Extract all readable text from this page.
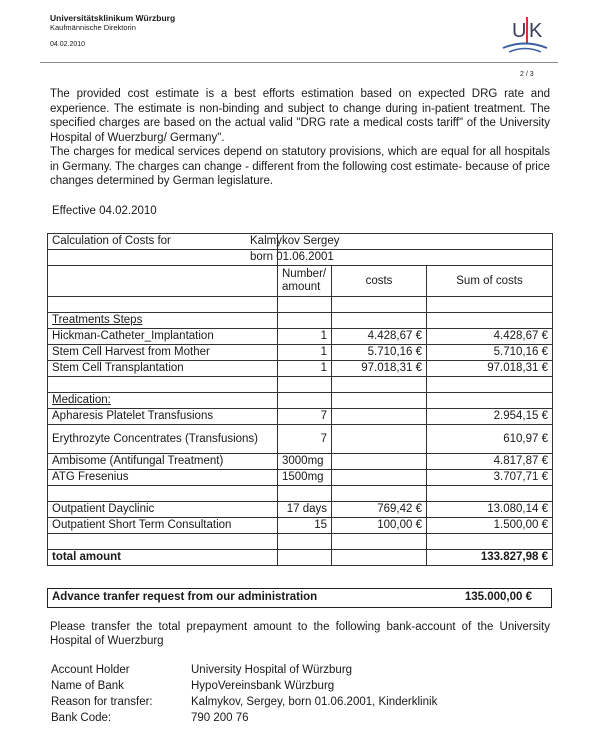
Universitätsklinikum Würzburg
Kaufmännische Direktorin
04.02.2010
U K
2 / 3

The provided cost estimate is a best efforts estimation based on expected DRG rate and experience. The estimate is non-binding and subject to change during in-patient treatment. The specified charges are based on the actual valid "DRG rate a medical costs tariff" of the University Hospital of Wuerzburg/ Germany".

The charges for medical services depend on statutory provisions, which are equal for all hospitals in Germany. The charges can change - different from the following cost estimate- because of price changes determined by German legislature.

Effective 04.02.2010
Calculation of Costs for	Kalmykov Sergey		
	born 01.06.2001		
	Number/ amount	costs	Sum of costs

Treatments Steps			
Hickman-Catheter_Implantation	1	4.428,67 €	4.428,67 €
Stem Cell Harvest from Mother	1	5.710,16 €	5.710,16 €
Stem Cell Transplantation	1	97.018,31 €	97.018,31 €

Medication:			
Apharesis Platelet Transfusions	7		2.954,15 €
Erythrozyte Concentrates (Transfusions)	7		610,97 €
Ambisome (Antifungal Treatment)	3000mg		4.817,87 €
ATG Fresenius	1500mg		3.707,71 €

Outpatient Dayclinic	17 days	769,42 €	13.080,14 €
Outpatient Short Term Consultation	15	100,00 €	1.500,00 €

total amount			133.827,98 €
Advance tranfer request from our administration	135.000,00 €
Please transfer the total prepayment amount to the following bank-account of the University Hospital of Wuerzburg
Account Holder	University Hospital of Würzburg
Name of Bank	HypoVereinsbank Würzburg
Reason for transfer:	Kalmykov, Sergey, born 01.06.2001, Kinderklinik
Bank Code:	790 200 76
